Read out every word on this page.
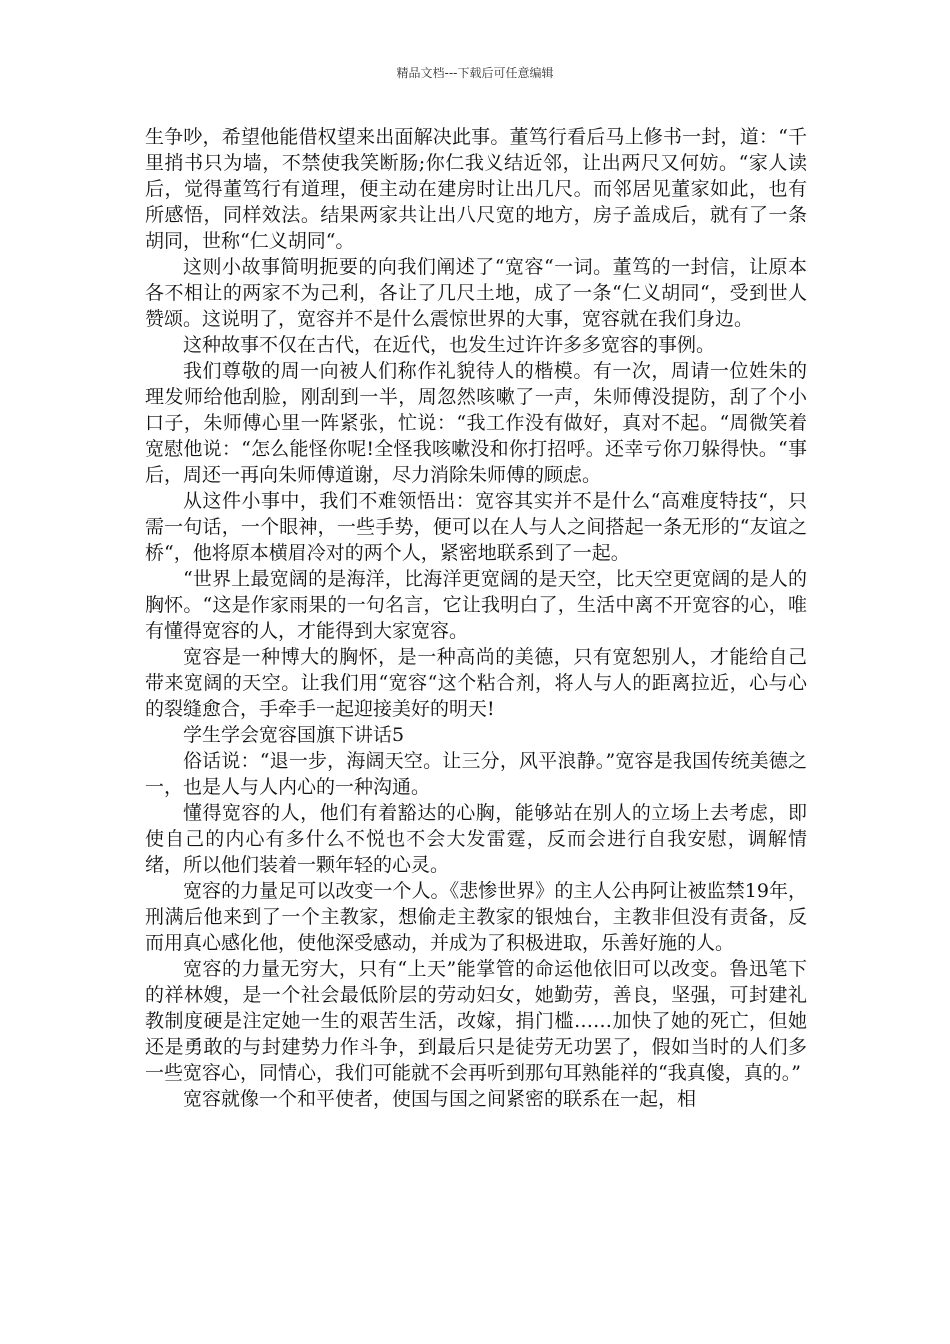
精品文档---下载后可任意编辑

生争吵，希望他能借权望来出面解决此事。董笃行看后马上修书一封，道：“千里捎书只为墙，不禁使我笑断肠;你仁我义结近邻，让出两尺又何妨。“家人读后，觉得董笃行有道理，便主动在建房时让出几尺。而邻居见董家如此，也有所感悟，同样效法。结果两家共让出八尺宽的地方，房子盖成后，就有了一条胡同，世称“仁义胡同“。

这则小故事简明扼要的向我们阐述了“宽容“一词。董笃的一封信，让原本各不相让的两家不为己利，各让了几尺土地，成了一条“仁义胡同“，受到世人赞颂。这说明了，宽容并不是什么震惊世界的大事，宽容就在我们身边。

这种故事不仅在古代，在近代，也发生过许许多多宽容的事例。

我们尊敬的周一向被人们称作礼貌待人的楷模。有一次，周请一位姓朱的理发师给他刮脸，刚刮到一半，周忽然咳嗽了一声，朱师傅没提防，刮了个小口子，朱师傅心里一阵紧张，忙说：“我工作没有做好，真对不起。“周微笑着宽慰他说：“怎么能怪你呢!全怪我咳嗽没和你打招呼。还幸亏你刀躲得快。“事后，周还一再向朱师傅道谢，尽力消除朱师傅的顾虑。

从这件小事中，我们不难领悟出：宽容其实并不是什么“高难度特技“，只需一句话，一个眼神，一些手势，便可以在人与人之间搭起一条无形的“友谊之桥“，他将原本横眉冷对的两个人，紧密地联系到了一起。

“世界上最宽阔的是海洋，比海洋更宽阔的是天空，比天空更宽阔的是人的胸怀。“这是作家雨果的一句名言，它让我明白了，生活中离不开宽容的心，唯有懂得宽容的人，才能得到大家宽容。

宽容是一种博大的胸怀，是一种高尚的美德，只有宽恕别人，才能给自己带来宽阔的天空。让我们用“宽容“这个粘合剂，将人与人的距离拉近，心与心的裂缝愈合，手牵手一起迎接美好的明天!

学生学会宽容国旗下讲话5

俗话说：“退一步，海阔天空。让三分，风平浪静。”宽容是我国传统美德之一，也是人与人内心的一种沟通。

懂得宽容的人，他们有着豁达的心胸，能够站在别人的立场上去考虑，即使自己的内心有多什么不悦也不会大发雷霆，反而会进行自我安慰，调解情绪，所以他们装着一颗年轻的心灵。

宽容的力量足可以改变一个人。《悲惨世界》的主人公冉阿让被监禁19年，刑满后他来到了一个主教家，想偷走主教家的银烛台，主教非但没有责备，反而用真心感化他，使他深受感动，并成为了积极进取，乐善好施的人。

宽容的力量无穷大，只有“上天”能掌管的命运他依旧可以改变。鲁迅笔下的祥林嫂，是一个社会最低阶层的劳动妇女，她勤劳，善良，坚强，可封建礼教制度硬是注定她一生的艰苦生活，改嫁，捐门槛……加快了她的死亡，但她还是勇敢的与封建势力作斗争，到最后只是徒劳无功罢了，假如当时的人们多一些宽容心，同情心，我们可能就不会再听到那句耳熟能祥的“我真傻，真的。”

宽容就像一个和平使者，使国与国之间紧密的联系在一起，相
